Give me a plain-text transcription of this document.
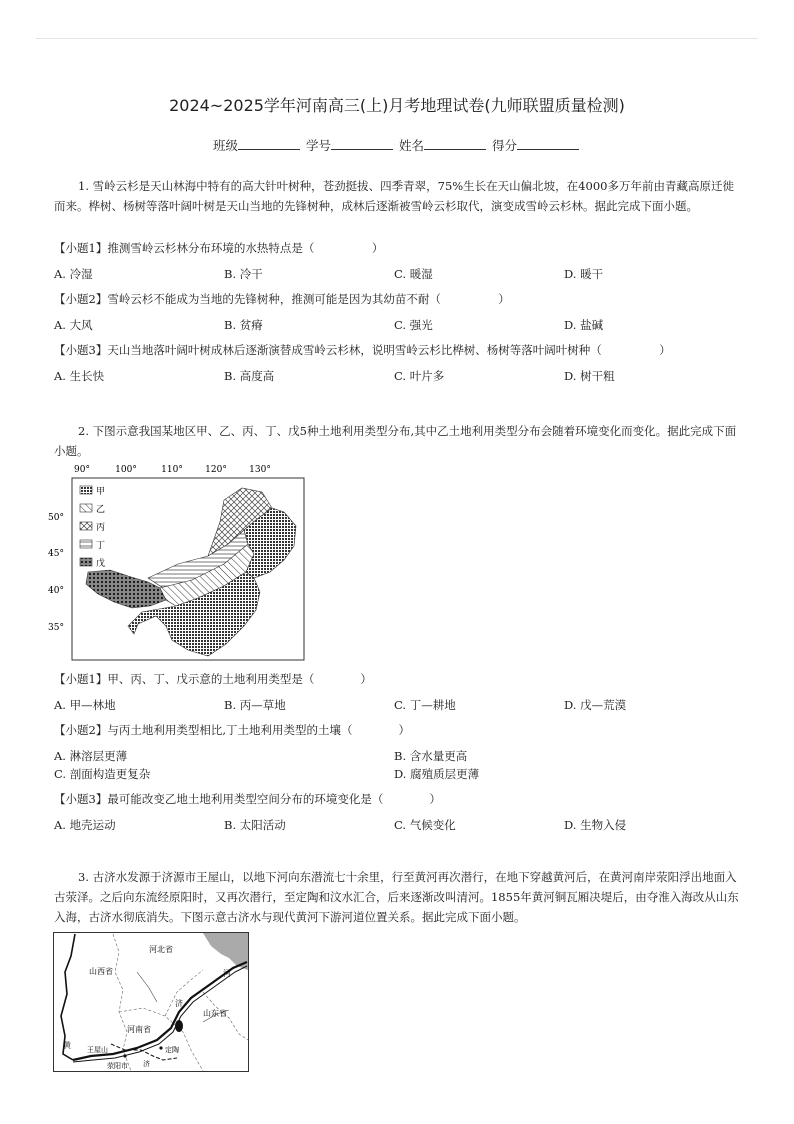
2024~2025学年河南高三(上)月考地理试卷(九师联盟质量检测)
班级	学号	姓名	得分
1. 雪岭云杉是天山林海中特有的高大针叶树种，苍劲挺拔、四季青翠，75%生长在天山偏北坡，在4000多万年前由青藏高原迁徙而来。桦树、杨树等落叶阔叶树是天山当地的先锋树种，成林后逐渐被雪岭云杉取代，演变成雪岭云杉林。据此完成下面小题。
【小题1】推测雪岭云杉林分布环境的水热特点是（　　　　　）
A. 冷湿	B. 冷干	C. 暖湿	D. 暖干
【小题2】雪岭云杉不能成为当地的先锋树种，推测可能是因为其幼苗不耐（　　　　　）
A. 大风	B. 贫瘠	C. 强光	D. 盐碱
【小题3】天山当地落叶阔叶树成林后逐渐演替成雪岭云杉林，说明雪岭云杉比桦树、杨树等落叶阔叶树种（　　　　　）
A. 生长快	B. 高度高	C. 叶片多	D. 树干粗
2. 下图示意我国某地区甲、乙、丙、丁、戊5种土地利用类型分布,其中乙土地利用类型分布会随着环境变化而变化。据此完成下面小题。
90°	100°	110° 120° 130°
50°
45°
40°
35°
甲
乙
丙
丁
戊
【小题1】甲、丙、丁、戊示意的土地利用类型是（　　　　）
A. 甲—林地	B. 丙—草地	C. 丁—耕地	D. 戊—荒漠
【小题2】与丙土地利用类型相比,丁土地利用类型的土壤（　　　　）
A. 淋溶层更薄	B. 含水量更高
C. 剖面构造更复杂	D. 腐殖质层更薄
【小题3】最可能改变乙地土地利用类型空间分布的环境变化是（　　　　）
A. 地壳运动	B. 太阳活动	C. 气候变化	D. 生物入侵
3. 古济水发源于济源市王屋山，以地下河向东潜流七十余里，行至黄河再次潜行，在地下穿越黄河后，在黄河南岸荥阳浮出地面入古荥泽。之后向东流经原阳时，又再次潜行，至定陶和汶水汇合，后来逐渐改叫清河。1855年黄河铜瓦厢决堤后，由夺淮入海改从山东入海，古济水彻底消失。下图示意古济水与现代黄河下游河道位置关系。据此完成下面小题。
山西省
河北省
河南省
山东省
黄
济
河
王屋山
荥阳市
定陶
济
